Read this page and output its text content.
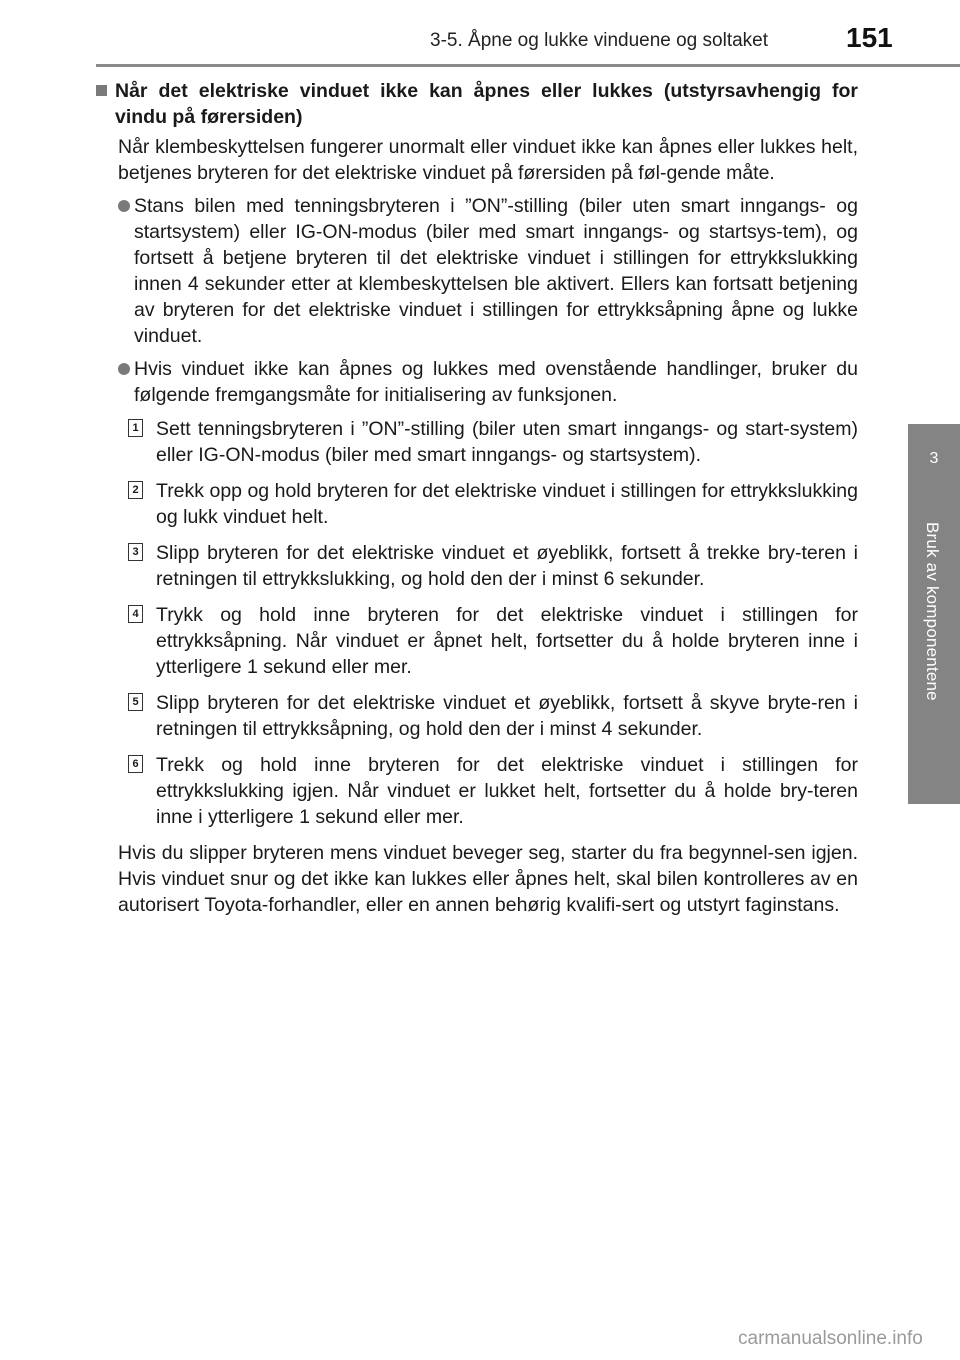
3-5. Åpne og lukke vinduene og soltaket	151
3
Bruk av komponentene
Når det elektriske vinduet ikke kan åpnes eller lukkes (utstyrsavhengig for vindu på førersiden)
Når klembeskyttelsen fungerer unormalt eller vinduet ikke kan åpnes eller lukkes helt, betjenes bryteren for det elektriske vinduet på førersiden på føl-gende måte.
Stans bilen med tenningsbryteren i ”ON”-stilling (biler uten smart inngangs- og startsystem) eller IG-ON-modus (biler med smart inngangs- og startsys-tem), og fortsett å betjene bryteren til det elektriske vinduet i stillingen for ettrykkslukking innen 4 sekunder etter at klembeskyttelsen ble aktivert. Ellers kan fortsatt betjening av bryteren for det elektriske vinduet i stillingen for ettrykksåpning åpne og lukke vinduet.
Hvis vinduet ikke kan åpnes og lukkes med ovenstående handlinger, bruker du følgende fremgangsmåte for initialisering av funksjonen.
1 Sett tenningsbryteren i ”ON”-stilling (biler uten smart inngangs- og start-system) eller IG-ON-modus (biler med smart inngangs- og startsystem).
2 Trekk opp og hold bryteren for det elektriske vinduet i stillingen for ettrykkslukking og lukk vinduet helt.
3 Slipp bryteren for det elektriske vinduet et øyeblikk, fortsett å trekke bry-teren i retningen til ettrykkslukking, og hold den der i minst 6 sekunder.
4 Trykk og hold inne bryteren for det elektriske vinduet i stillingen for ettrykksåpning. Når vinduet er åpnet helt, fortsetter du å holde bryteren inne i ytterligere 1 sekund eller mer.
5 Slipp bryteren for det elektriske vinduet et øyeblikk, fortsett å skyve bryte-ren i retningen til ettrykksåpning, og hold den der i minst 4 sekunder.
6 Trekk og hold inne bryteren for det elektriske vinduet i stillingen for ettrykkslukking igjen. Når vinduet er lukket helt, fortsetter du å holde bry-teren inne i ytterligere 1 sekund eller mer.
Hvis du slipper bryteren mens vinduet beveger seg, starter du fra begynnel-sen igjen. Hvis vinduet snur og det ikke kan lukkes eller åpnes helt, skal bilen kontrolleres av en autorisert Toyota-forhandler, eller en annen behørig kvalifi-sert og utstyrt faginstans.
carmanualsonline.info
